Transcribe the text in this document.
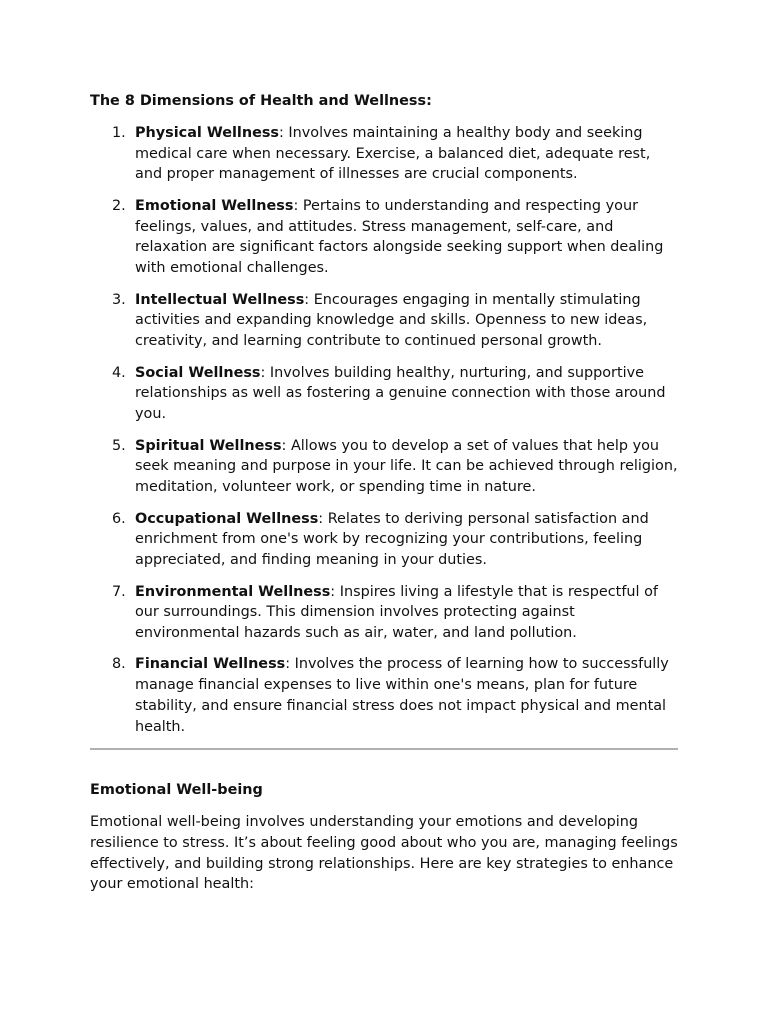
The 8 Dimensions of Health and Wellness:

1. Physical Wellness: Involves maintaining a healthy body and seeking medical care when necessary. Exercise, a balanced diet, adequate rest, and proper management of illnesses are crucial components.
2. Emotional Wellness: Pertains to understanding and respecting your feelings, values, and attitudes. Stress management, self-care, and relaxation are significant factors alongside seeking support when dealing with emotional challenges.
3. Intellectual Wellness: Encourages engaging in mentally stimulating activities and expanding knowledge and skills. Openness to new ideas, creativity, and learning contribute to continued personal growth.
4. Social Wellness: Involves building healthy, nurturing, and supportive relationships as well as fostering a genuine connection with those around you.
5. Spiritual Wellness: Allows you to develop a set of values that help you seek meaning and purpose in your life. It can be achieved through religion, meditation, volunteer work, or spending time in nature.
6. Occupational Wellness: Relates to deriving personal satisfaction and enrichment from one's work by recognizing your contributions, feeling appreciated, and finding meaning in your duties.
7. Environmental Wellness: Inspires living a lifestyle that is respectful of our surroundings. This dimension involves protecting against environmental hazards such as air, water, and land pollution.
8. Financial Wellness: Involves the process of learning how to successfully manage financial expenses to live within one's means, plan for future stability, and ensure financial stress does not impact physical and mental health.

Emotional Well-being

Emotional well-being involves understanding your emotions and developing resilience to stress. It’s about feeling good about who you are, managing feelings effectively, and building strong relationships. Here are key strategies to enhance your emotional health:
